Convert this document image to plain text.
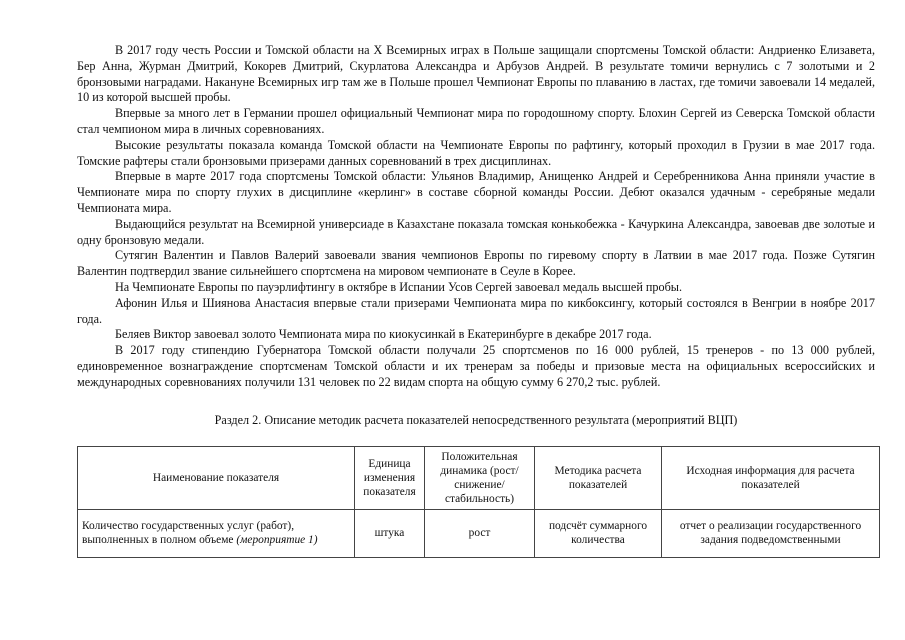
В 2017 году честь России и Томской области на X Всемирных играх в Польше защищали спортсмены Томской области: Андриенко Елизавета, Бер Анна, Журман Дмитрий, Кокорев Дмитрий, Скурлатова Александра и Арбузов Андрей. В результате томичи вернулись с 7 золотыми и 2 бронзовыми наградами. Накануне Всемирных игр там же в Польше прошел Чемпионат Европы по плаванию в ластах, где томичи завоевали 14 медалей, 10 из которой высшей пробы.

Впервые за много лет в Германии прошел официальный Чемпионат мира по городошному спорту. Блохин Сергей из Северска Томской области стал чемпионом мира в личных соревнованиях.

Высокие результаты показала команда Томской области на Чемпионате Европы по рафтингу, который проходил в Грузии в мае 2017 года. Томские рафтеры стали бронзовыми призерами данных соревнований в трех дисциплинах.

Впервые в марте 2017 года спортсмены Томской области: Ульянов Владимир, Анищенко Андрей и Серебренникова Анна приняли участие в Чемпионате мира по спорту глухих в дисциплине «керлинг» в составе сборной команды России. Дебют оказался удачным - серебряные медали Чемпионата мира.

Выдающийся результат на Всемирной универсиаде в Казахстане показала томская конькобежка - Качуркина Александра, завоевав две золотые и одну бронзовую медали.

Сутягин Валентин и Павлов Валерий завоевали звания чемпионов Европы по гиревому спорту в Латвии в мае 2017 года. Позже Сутягин Валентин подтвердил звание сильнейшего спортсмена на мировом чемпионате в Сеуле в Корее.

На Чемпионате Европы по пауэрлифтингу в октябре в Испании Усов Сергей завоевал медаль высшей пробы.

Афонин Илья и Шиянова Анастасия впервые стали призерами Чемпионата мира по кикбоксингу, который состоялся в Венгрии в ноябре 2017 года.

Беляев Виктор завоевал золото Чемпионата мира по киокусинкай в Екатеринбурге в декабре 2017 года.

В 2017 году стипендию Губернатора Томской области получали 25 спортсменов по 16 000 рублей, 15 тренеров - по 13 000 рублей, единовременное вознаграждение спортсменам Томской области и их тренерам за победы и призовые места на официальных всероссийских и международных соревнованиях получили 131 человек по 22 видам спорта на общую сумму 6 270,2 тыс. рублей.

Раздел 2. Описание методик расчета показателей непосредственного результата (мероприятий ВЦП)
Наименование показателя	Единица изменения показателя	Положительная динамика (рост/ снижение/ стабильность)	Методика расчета показателей	Исходная информация для расчета показателей
Количество государственных услуг (работ), выполненных в полном объеме (мероприятие 1)	штука	рост	подсчёт суммарного количества	отчет о реализации государственного задания подведомственными
